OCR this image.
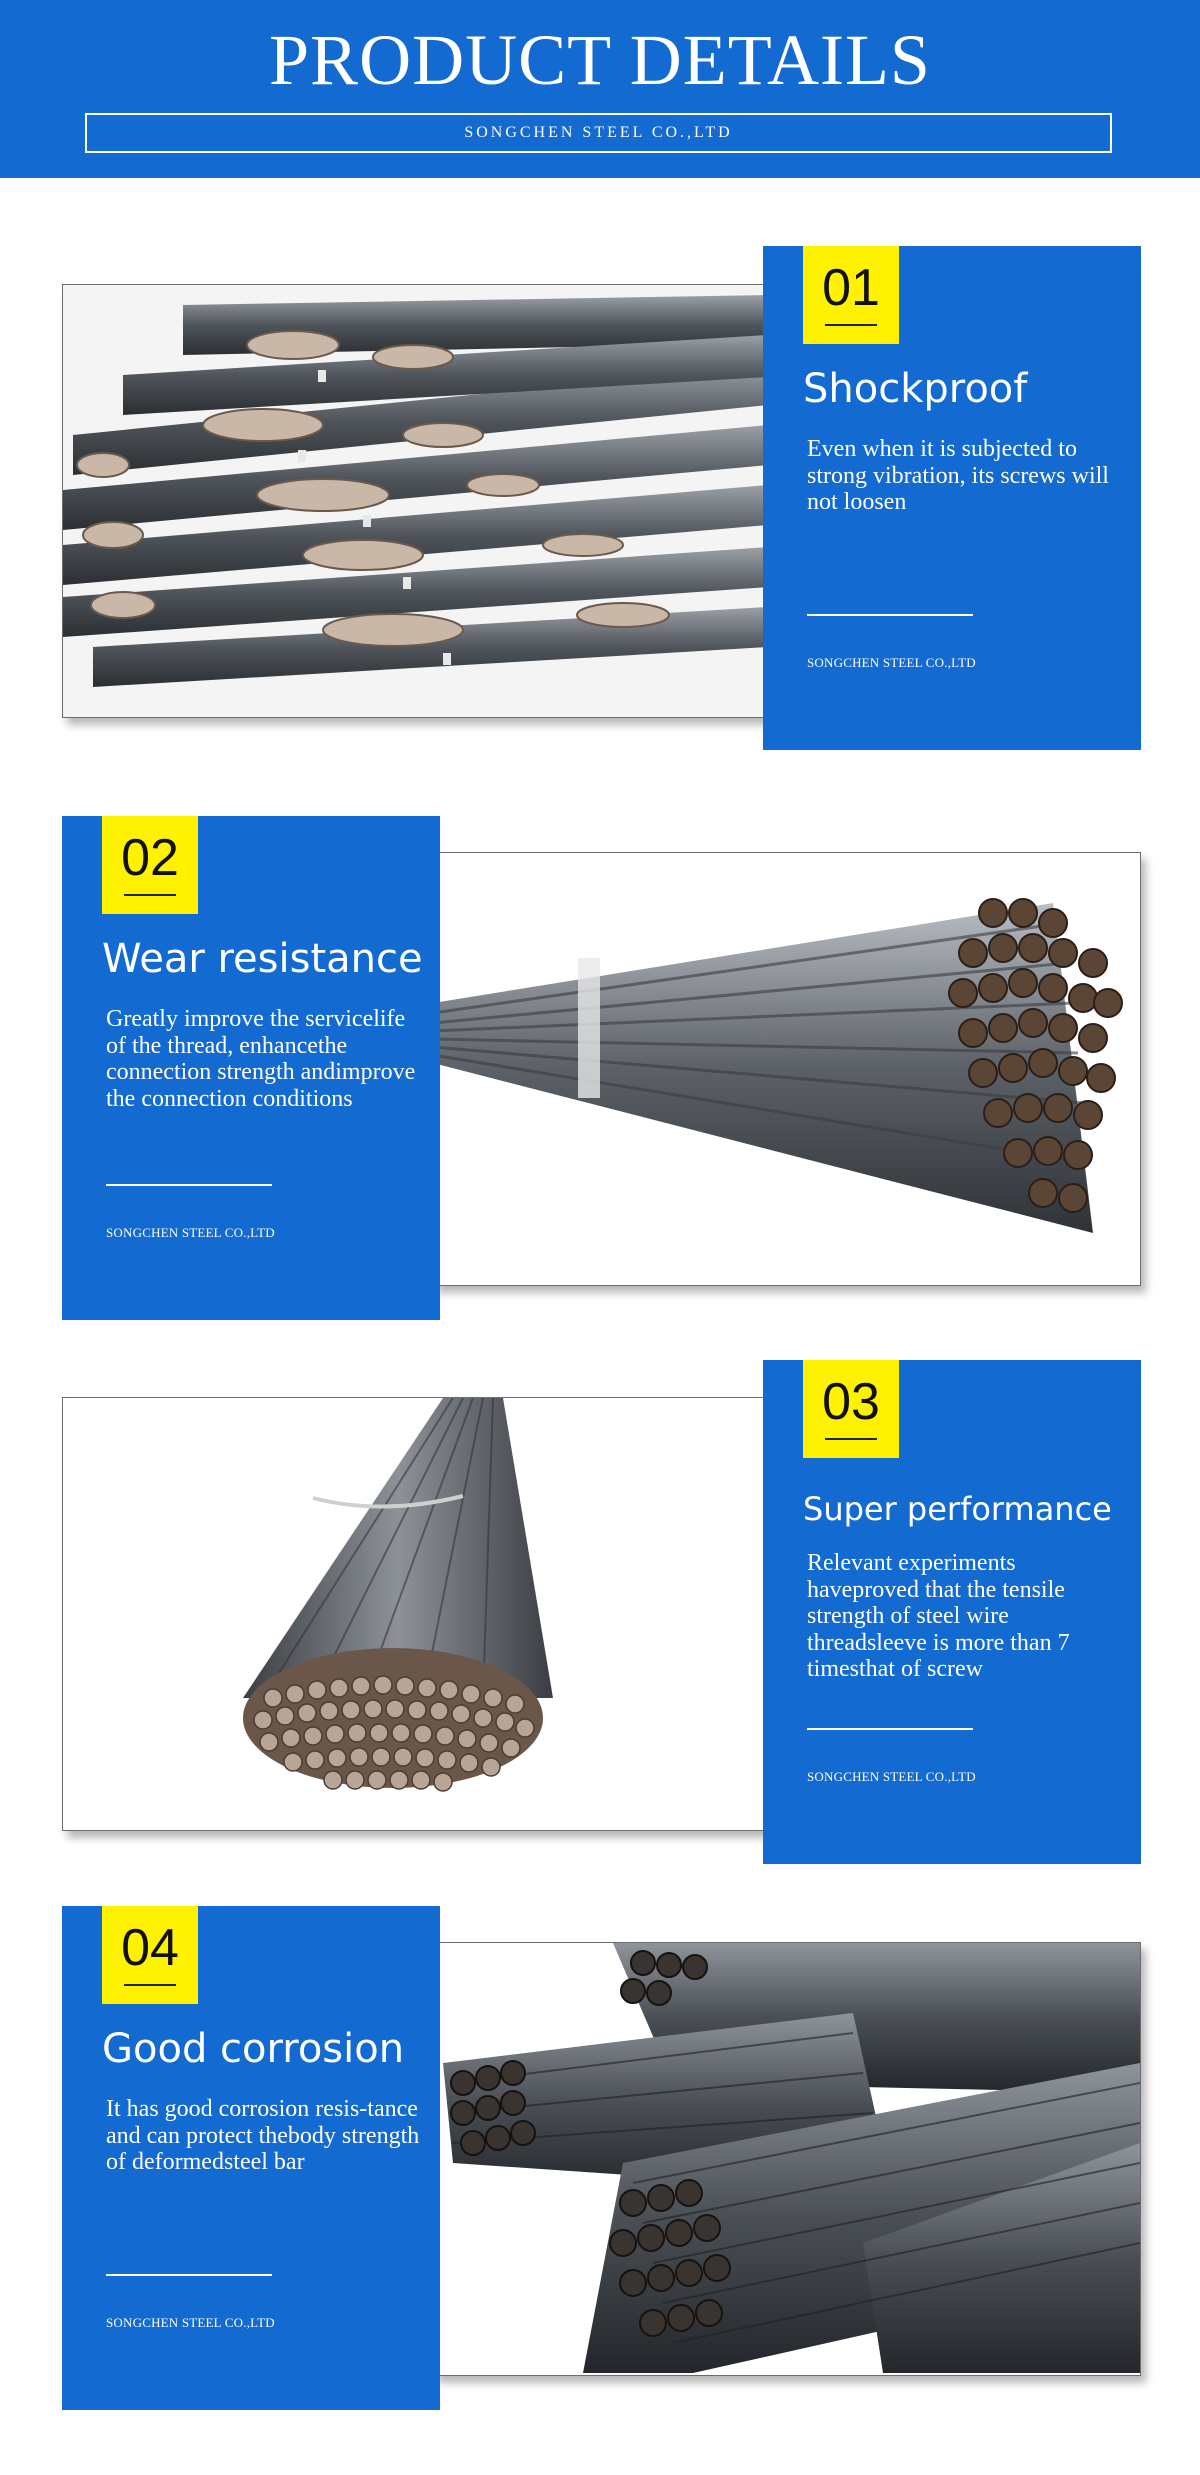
PRODUCT DETAILS
SONGCHEN STEEL CO.,LTD
01
Shockproof
Even when it is subjected to strong vibration, its screws will not loosen
SONGCHEN STEEL CO.,LTD
02
Wear resistance
Greatly improve the servicelife of the thread, enhancethe connection strength andimprove the connection conditions
SONGCHEN STEEL CO.,LTD
03
Super performance
Relevant experiments haveproved that the tensile strength of steel wire threadsleeve is more than 7 timesthat of screw
SONGCHEN STEEL CO.,LTD
04
Good corrosion
It has good corrosion resis-tance and can protect thebody strength of deformedsteel bar
SONGCHEN STEEL CO.,LTD
